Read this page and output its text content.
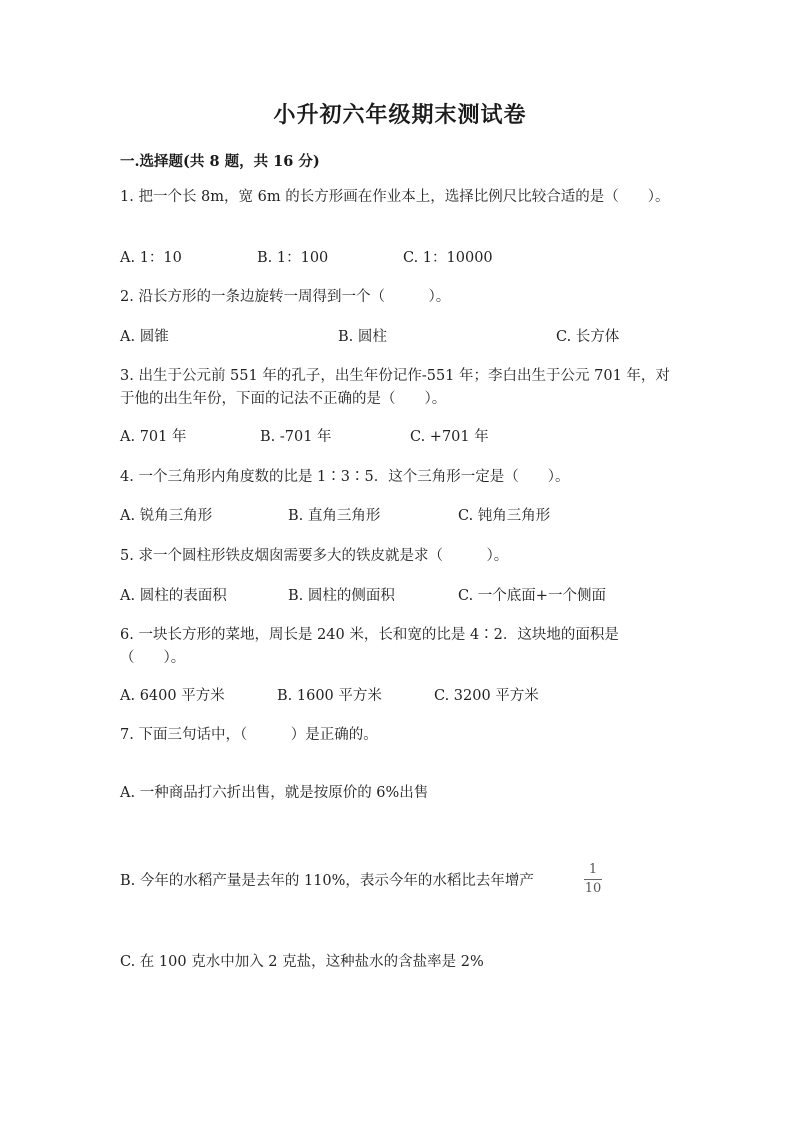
小升初六年级期末测试卷
一.选择题(共 8 题，共 16 分)
1. 把一个长 8m，宽 6m 的长方形画在作业本上，选择比例尺比较合适的是（　　）。
A. 1：10	B. 1：100	C. 1：10000
2. 沿长方形的一条边旋转一周得到一个（　　　）。
A. 圆锥	B. 圆柱	C. 长方体
3. 出生于公元前 551 年的孔子，出生年份记作-551 年；李白出生于公元 701 年，对于他的出生年份，下面的记法不正确的是（　　）。
A. 701 年	B. -701 年	C. +701 年
4. 一个三角形内角度数的比是 1∶3∶5．这个三角形一定是（　　）。
A. 锐角三角形	B. 直角三角形	C. 钝角三角形
5. 求一个圆柱形铁皮烟囱需要多大的铁皮就是求（　　　）。
A. 圆柱的表面积	B. 圆柱的侧面积	C. 一个底面+一个侧面
6. 一块长方形的菜地，周长是 240 米，长和宽的比是 4∶2．这块地的面积是（　　）。
A. 6400 平方米	B. 1600 平方米	C. 3200 平方米
7. 下面三句话中，（　　　）是正确的。
A. 一种商品打六折出售，就是按原价的 6%出售
B. 今年的水稻产量是去年的 110%，表示今年的水稻比去年增产
1
10
C. 在 100 克水中加入 2 克盐，这种盐水的含盐率是 2%
